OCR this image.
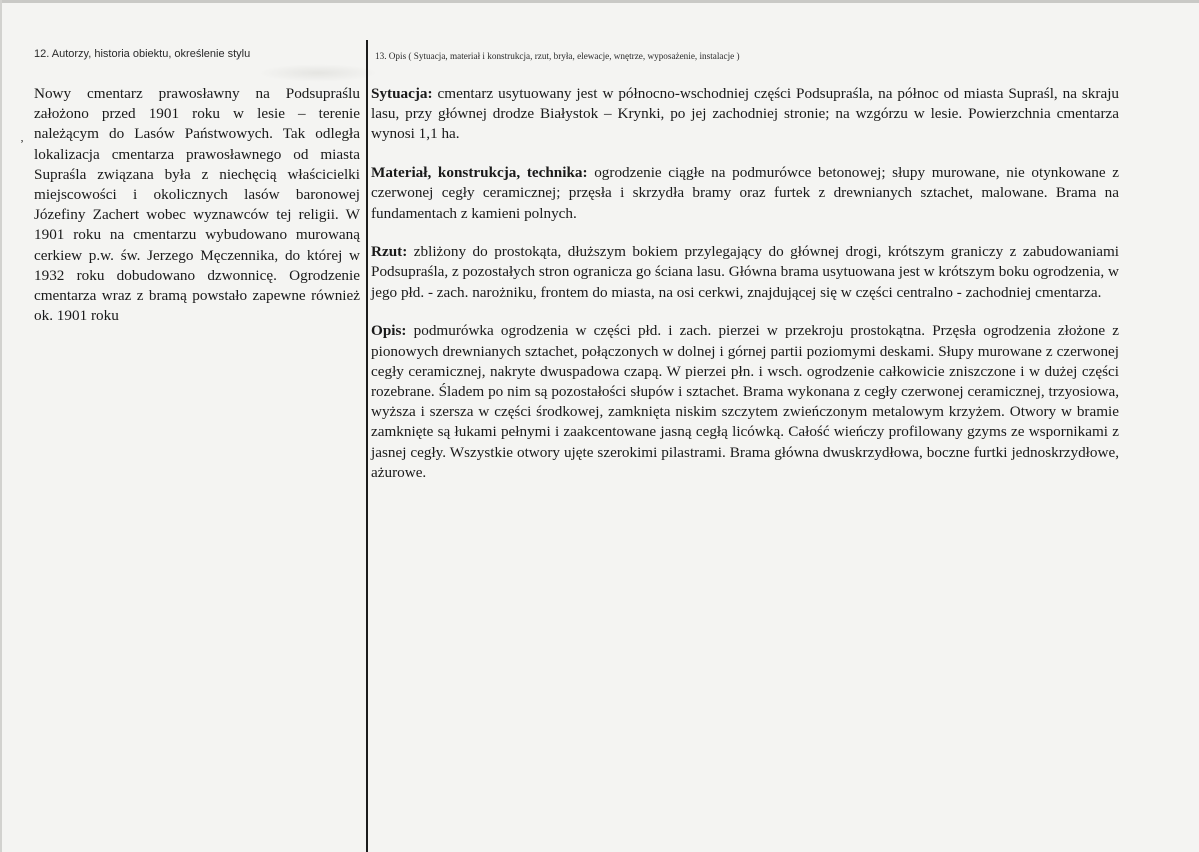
‚
12. Autorzy, historia obiektu, określenie stylu	13. Opis ( Sytuacja, materiał i konstrukcja, rzut, bryła, elewacje, wnętrze, wyposażenie, instalacje )
Nowy cmentarz prawosławny na Podsupraślu założono przed 1901 roku w lesie – terenie należącym do Lasów Państwowych. Tak odległa lokalizacja cmentarza prawosławnego od miasta Supraśla związana była z niechęcią właścicielki miejscowości i okolicznych lasów baronowej Józefiny Zachert wobec wyznawców tej religii. W 1901 roku na cmentarzu wybudowano murowaną cerkiew p.w. św. Jerzego Męczennika, do której w 1932 roku dobudowano dzwonnicę. Ogrodzenie cmentarza wraz z bramą powstało zapewne również ok. 1901 roku

Sytuacja: cmentarz usytuowany jest w północno-wschodniej części Podsupraśla, na północ od miasta Supraśl, na skraju lasu, przy głównej drodze Białystok – Krynki, po jej zachodniej stronie; na wzgórzu w lesie. Powierzchnia cmentarza wynosi 1,1 ha.

Materiał, konstrukcja, technika: ogrodzenie ciągłe na podmurówce betonowej; słupy murowane, nie otynkowane z czerwonej cegły ceramicznej; przęsła i skrzydła bramy oraz furtek z drewnianych sztachet, malowane. Brama na fundamentach z kamieni polnych.

Rzut: zbliżony do prostokąta, dłuższym bokiem przylegający do głównej drogi, krótszym graniczy z zabudowaniami Podsupraśla, z pozostałych stron ogranicza go ściana lasu. Główna brama usytuowana jest w krótszym boku ogrodzenia, w jego płd. - zach. narożniku, frontem do miasta, na osi cerkwi, znajdującej się w części centralno - zachodniej cmentarza.

Opis: podmurówka ogrodzenia w części płd. i zach. pierzei w przekroju prostokątna. Przęsła ogrodzenia złożone z pionowych drewnianych sztachet, połączonych w dolnej i górnej partii poziomymi deskami. Słupy murowane z czerwonej cegły ceramicznej, nakryte dwuspadowa czapą. W pierzei płn. i wsch. ogrodzenie całkowicie zniszczone i w dużej części rozebrane. Śladem po nim są pozostałości słupów i sztachet. Brama wykonana z cegły czerwonej ceramicznej, trzyosiowa, wyższa i szersza w części środkowej, zamknięta niskim szczytem zwieńczonym metalowym krzyżem. Otwory w bramie zamknięte są łukami pełnymi i zaakcentowane jasną cegłą licówką. Całość wieńczy profilowany gzyms ze wspornikami z jasnej cegły. Wszystkie otwory ujęte szerokimi pilastrami. Brama główna dwuskrzydłowa, boczne furtki jednoskrzydłowe, ażurowe.
